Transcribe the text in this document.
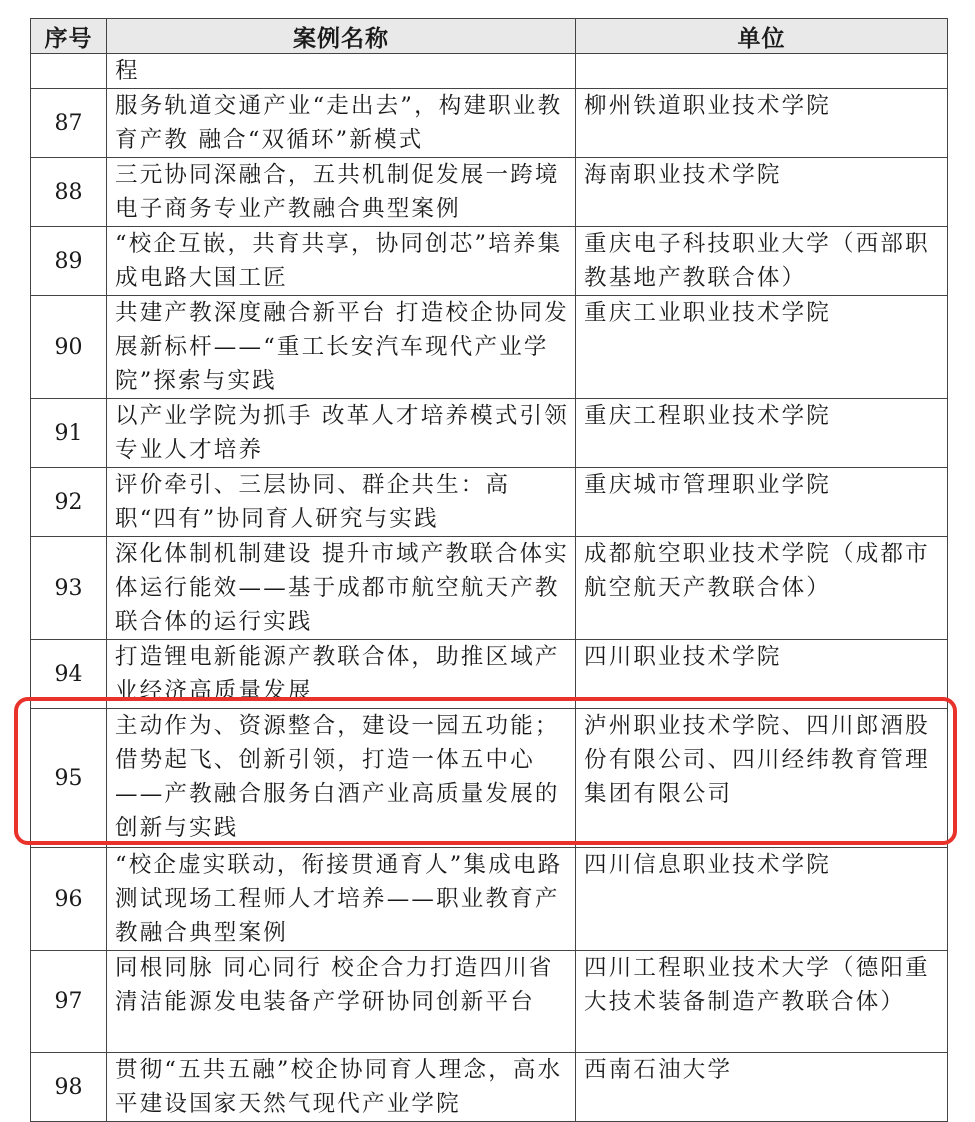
序号	案例名称	单位
	程	
87	服务轨道交通产业“走出去”，构建职业教育产教 融合“双循环”新模式	柳州铁道职业技术学院
88	三元协同深融合，五共机制促发展一跨境电子商务专业产教融合典型案例	海南职业技术学院
89	“校企互嵌，共育共享，协同创芯”培养集成电路大国工匠	重庆电子科技职业大学（西部职教基地产教联合体）
90	共建产教深度融合新平台 打造校企协同发展新标杆——“重工长安汽车现代产业学院”探索与实践	重庆工业职业技术学院
91	以产业学院为抓手 改革人才培养模式引领专业人才培养	重庆工程职业技术学院
92	评价牵引、三层协同、群企共生：高职“四有”协同育人研究与实践	重庆城市管理职业学院
93	深化体制机制建设 提升市域产教联合体实体运行能效——基于成都市航空航天产教联合体的运行实践	成都航空职业技术学院（成都市航空航天产教联合体）
94	打造锂电新能源产教联合体，助推区域产业经济高质量发展	四川职业技术学院
95	主动作为、资源整合，建设一园五功能；借势起飞、创新引领，打造一体五中心——产教融合服务白酒产业高质量发展的创新与实践	泸州职业技术学院、四川郎酒股份有限公司、四川经纬教育管理集团有限公司
96	“校企虚实联动，衔接贯通育人”集成电路测试现场工程师人才培养——职业教育产教融合典型案例	四川信息职业技术学院
97	同根同脉 同心同行 校企合力打造四川省清洁能源发电装备产学研协同创新平台	四川工程职业技术大学（德阳重大技术装备制造产教联合体）
98	贯彻“五共五融”校企协同育人理念，高水平建设国家天然气现代产业学院	西南石油大学
